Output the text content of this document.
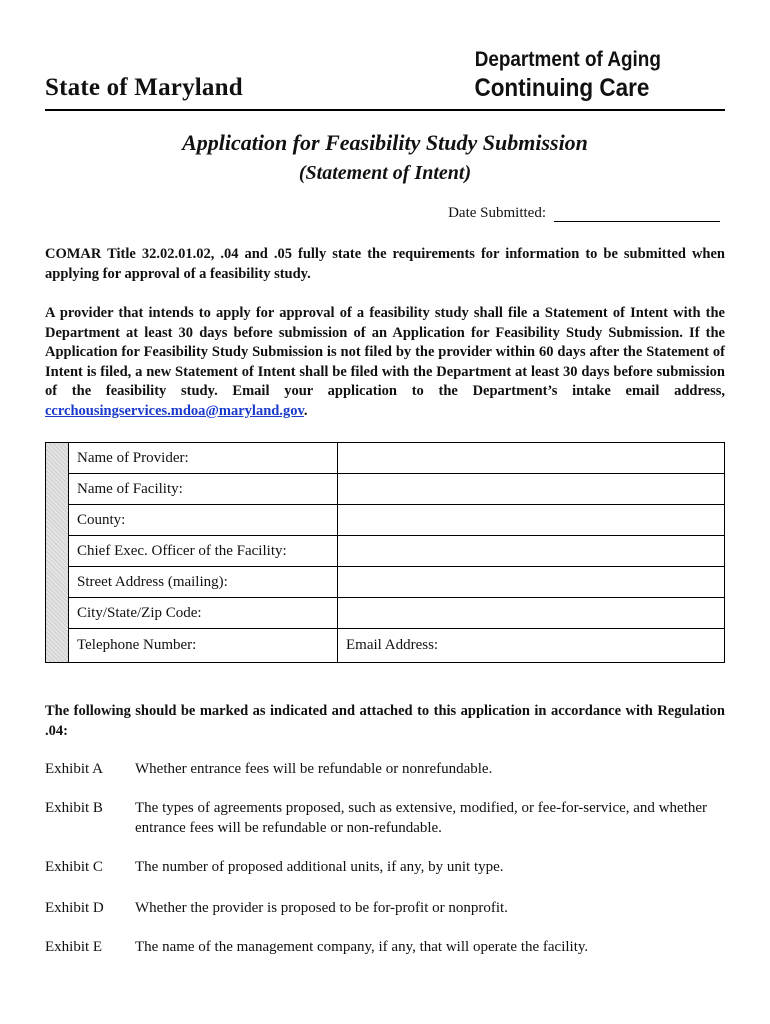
State of Maryland
Department of Aging
Continuing Care
Application for Feasibility Study Submission
(Statement of Intent)
Date Submitted:
COMAR Title 32.02.01.02, .04 and .05 fully state the requirements for information to be submitted when applying for approval of a feasibility study.
A provider that intends to apply for approval of a feasibility study shall file a Statement of Intent with the Department at least 30 days before submission of an Application for Feasibility Study Submission. If the Application for Feasibility Study Submission is not filed by the provider within 60 days after the Statement of Intent is filed, a new Statement of Intent shall be filed with the Department at least 30 days before submission of the feasibility study. Email your application to the Department’s intake email address, ccrchousingservices.mdoa@maryland.gov.
	Name of Provider:	
	Name of Facility:	
	County:	
	Chief Exec. Officer of the Facility:	
	Street Address (mailing):	
	City/State/Zip Code:	
	Telephone Number:	Email Address:
The following should be marked as indicated and attached to this application in accordance with Regulation .04:
Exhibit A	Whether entrance fees will be refundable or nonrefundable.
Exhibit B	The types of agreements proposed, such as extensive, modified, or fee-for-service, and whether entrance fees will be refundable or non-refundable.
Exhibit C	The number of proposed additional units, if any, by unit type.
Exhibit D	Whether the provider is proposed to be for-profit or nonprofit.
Exhibit E	The name of the management company, if any, that will operate the facility.
